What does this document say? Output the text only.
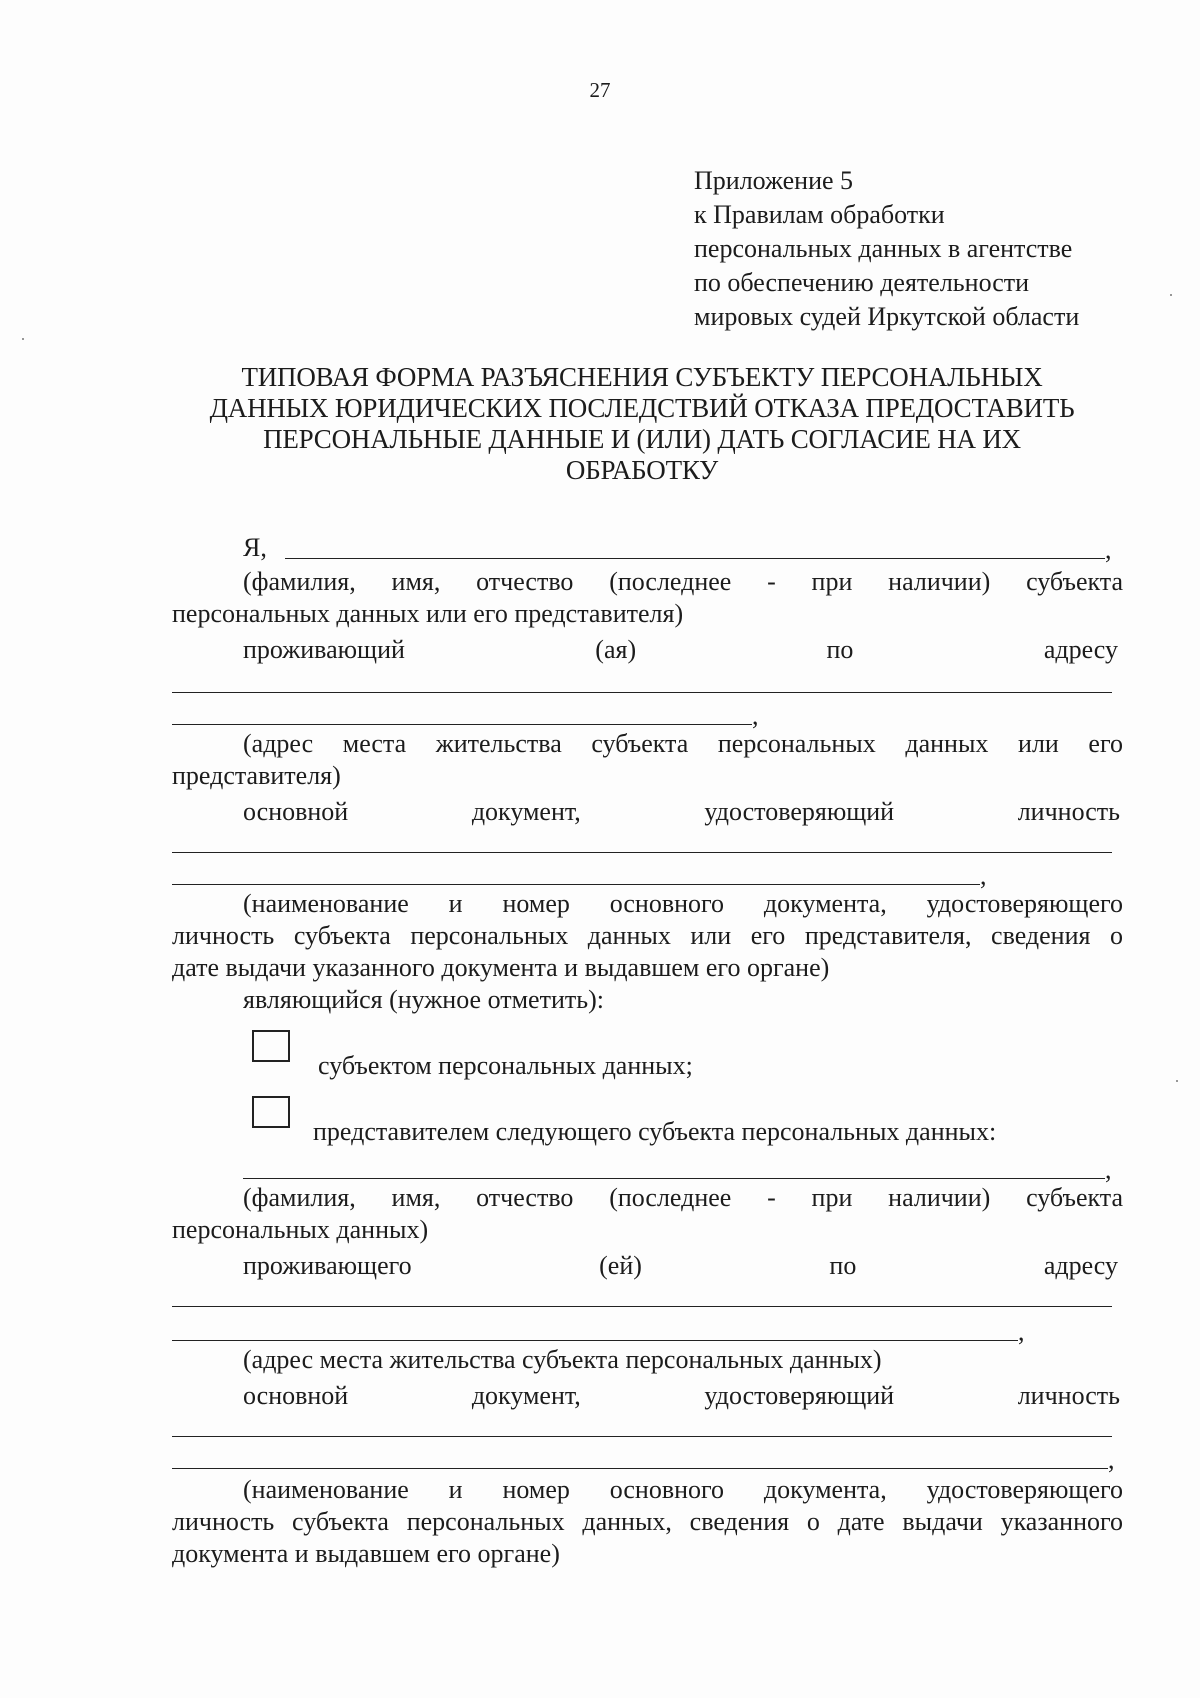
27
Приложение 5
к Правилам обработки
персональных данных в агентстве
по обеспечению деятельности
мировых судей Иркутской области
ТИПОВАЯ ФОРМА РАЗЪЯСНЕНИЯ СУБЪЕКТУ ПЕРСОНАЛЬНЫХ
ДАННЫХ ЮРИДИЧЕСКИХ ПОСЛЕДСТВИЙ ОТКАЗА ПРЕДОСТАВИТЬ
ПЕРСОНАЛЬНЫЕ ДАННЫЕ И (ИЛИ) ДАТЬ СОГЛАСИЕ НА ИХ
ОБРАБОТКУ
Я,	,
(фамилия, имя, отчество (последнее - при наличии) субъекта
персональных данных или его представителя)
проживающий (ая) по адресу
,
(адрес места жительства субъекта персональных данных или его
представителя)
основной документ, удостоверяющий личность
,
(наименование и номер основного документа, удостоверяющего
личность субъекта персональных данных или его представителя, сведения о
дате выдачи указанного документа и выдавшем его органе)
являющийся (нужное отметить):
субъектом персональных данных;
представителем следующего субъекта персональных данных:
,
(фамилия, имя, отчество (последнее - при наличии) субъекта
персональных данных)
проживающего (ей) по адресу
,
(адрес места жительства субъекта персональных данных)
основной документ, удостоверяющий личность
,
(наименование и номер основного документа, удостоверяющего
личность субъекта персональных данных, сведения о дате выдачи указанного
документа и выдавшем его органе)
